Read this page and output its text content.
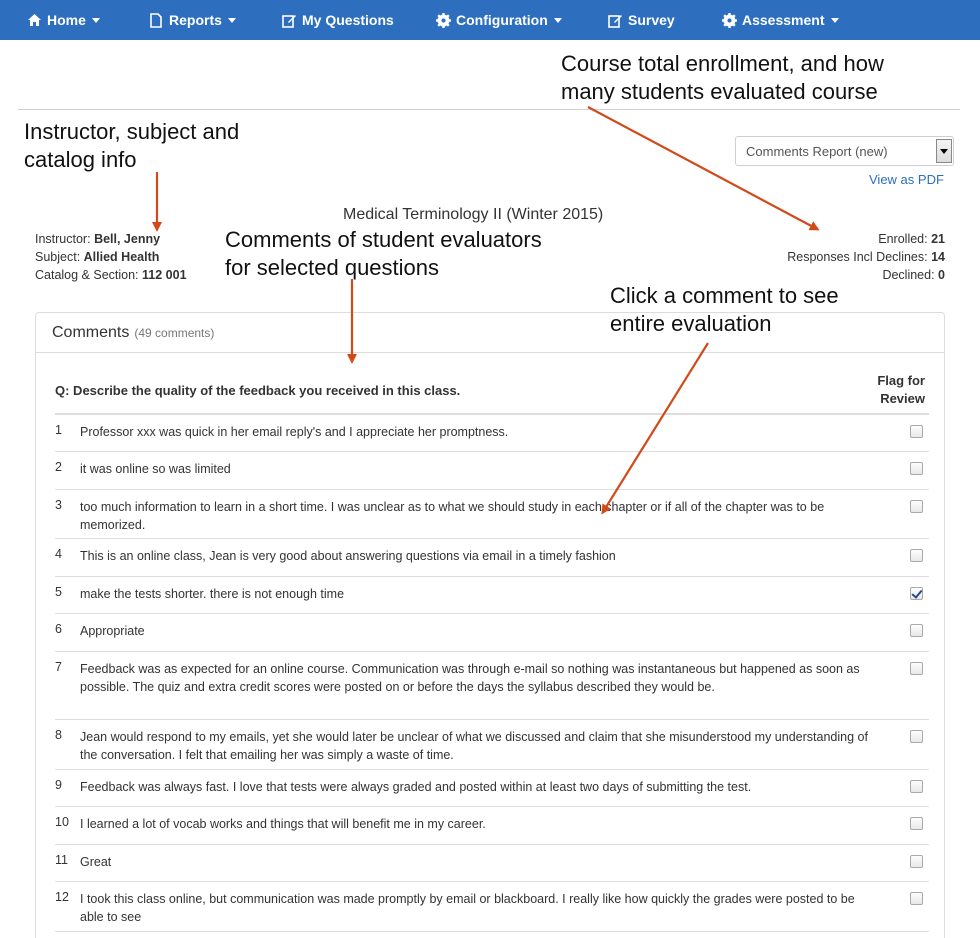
Home	Reports	My Questions	Configuration	Survey	Assessment
Course total enrollment, and how
many students evaluated course
Instructor, subject and
catalog info
Comments of student evaluators
for selected questions
Click a comment to see
entire evaluation
Comments Report (new)
View as PDF
Medical Terminology II (Winter 2015)
Instructor: Bell, Jenny
Subject: Allied Health
Catalog & Section: 112 001
Enrolled: 21
Responses Incl Declines: 14
Declined: 0
Comments (49 comments)
Q: Describe the quality of the feedback you received in this class.
Flag for
Review
1	Professor xxx was quick in her email reply's and I appreciate her promptness.
2	it was online so was limited
3	too much information to learn in a short time. I was unclear as to what we should study in each chapter or if all of the chapter was to be memorized.
4	This is an online class, Jean is very good about answering questions via email in a timely fashion
5	make the tests shorter. there is not enough time
6	Appropriate
7	Feedback was as expected for an online course. Communication was through e-mail so nothing was instantaneous but happened as soon as possible. The quiz and extra credit scores were posted on or before the days the syllabus described they would be.
8	Jean would respond to my emails, yet she would later be unclear of what we discussed and claim that she misunderstood my understanding of the conversation. I felt that emailing her was simply a waste of time.
9	Feedback was always fast. I love that tests were always graded and posted within at least two days of submitting the test.
10 I learned a lot of vocab works and things that will benefit me in my career.
11 Great
12 I took this class online, but communication was made promptly by email or blackboard. I really like how quickly the grades were posted to be able to see
